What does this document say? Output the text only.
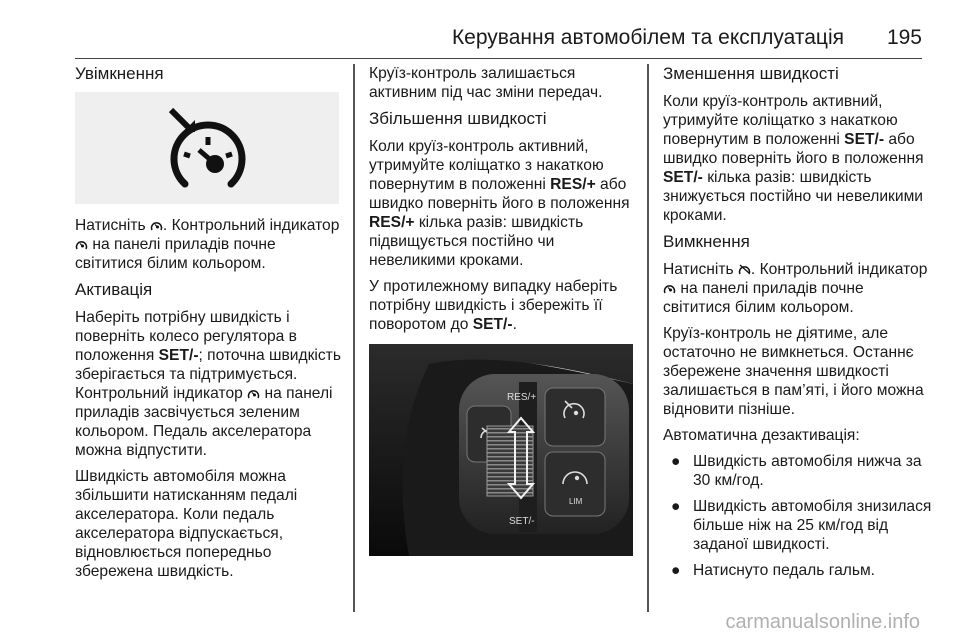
Керування автомобілем та експлуатація 195
Увімкнення

Натисніть . Контрольний індикатор  на панелі приладів почне світитися білим кольором.

Активація

Наберіть потрібну швидкість і поверніть колесо регулятора в положення SET/-; поточна швидкість зберігається та підтримується. Контрольний індикатор  на панелі приладів засвічується зеленим кольором. Педаль акселератора можна відпустити.

Швидкість автомобіля можна збільшити натисканням педалі акселератора. Коли педаль акселератора відпускається, відновлюється попередньо збережена швидкість.

Круїз-контроль залишається активним під час зміни передач.

Збільшення швидкості

Коли круїз-контроль активний, утримуйте коліщатко з накаткою повернутим в положенні RES/+ або швидко поверніть його в положення RES/+ кілька разів: швидкість підвищується постійно чи невеликими кроками.

У протилежному випадку наберіть потрібну швидкість і збережіть її поворотом до SET/-.

RES/+
SET/-
LIM
Зменшення швидкості

Коли круїз-контроль активний, утримуйте коліщатко з накаткою повернутим в положенні SET/- або швидко поверніть його в положення SET/- кілька разів: швидкість знижується постійно чи невеликими кроками.

Вимкнення

Натисніть . Контрольний індикатор  на панелі приладів почне світитися білим кольором.

Круїз-контроль не діятиме, але остаточно не вимкнеться. Останнє збережене значення швидкості залишається в пам’яті, і його можна відновити пізніше.

Автоматична дезактивація:

● Швидкість автомобіля нижча за 30 км/год.
● Швидкість автомобіля знизилася більше ніж на 25 км/год від заданої швидкості.
● Натиснуто педаль гальм.
carmanualsonline.info
